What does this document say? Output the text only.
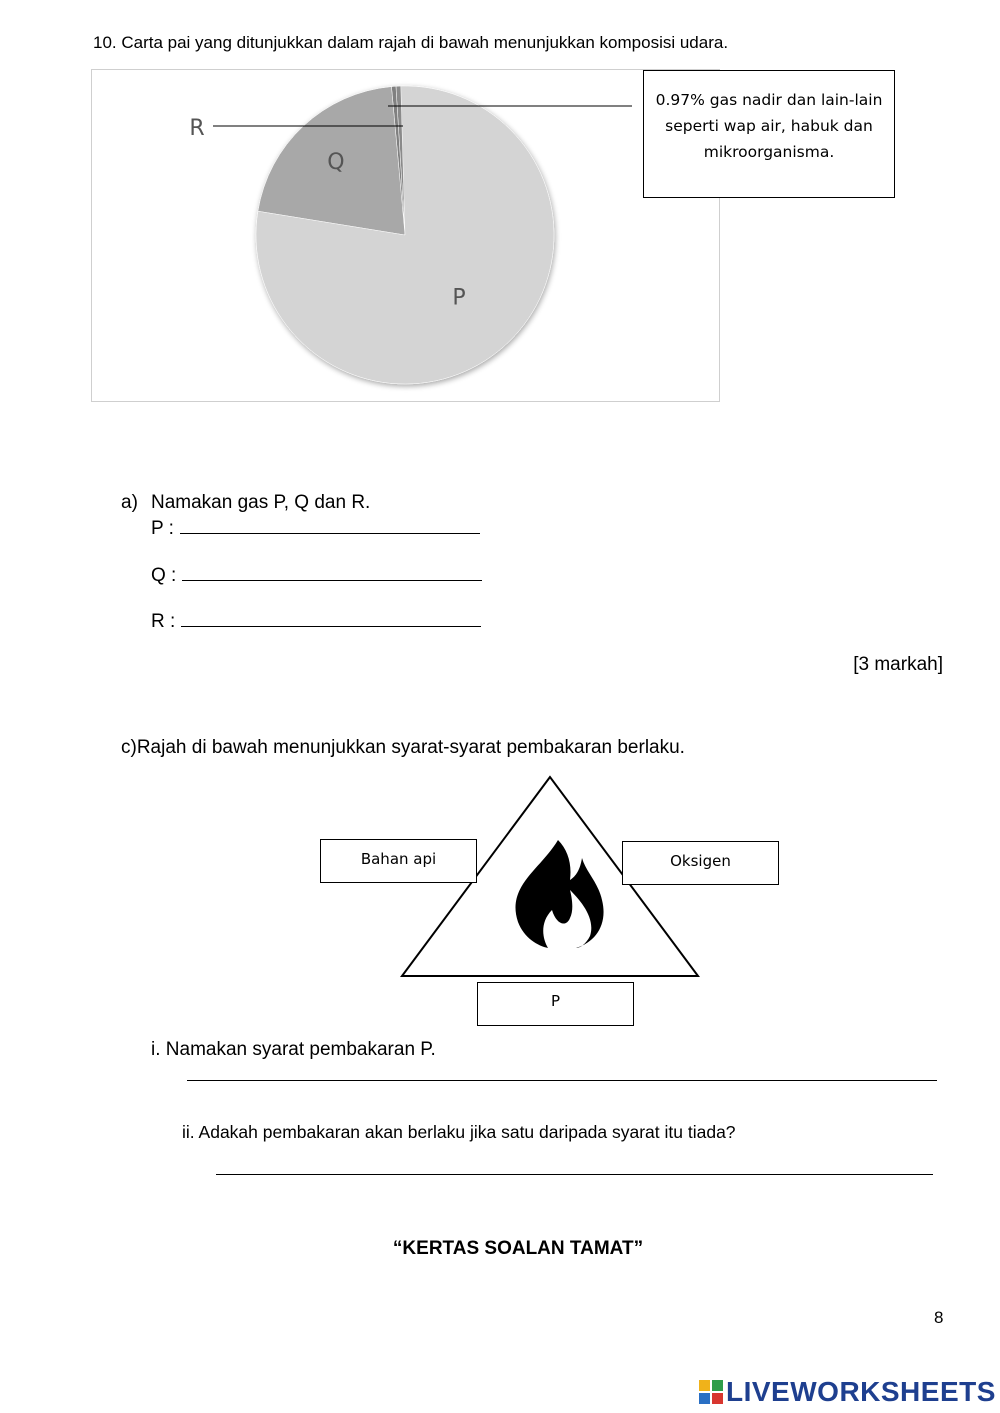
10. Carta pai yang ditunjukkan dalam rajah di bawah menunjukkan komposisi udara.
R
Q
P
0.97% gas nadir dan lain-lain seperti wap air, habuk dan mikroorganisma.
a) Namakan gas P, Q dan R.
P :
Q :
R :
[3 markah]
c)Rajah di bawah menunjukkan syarat-syarat pembakaran berlaku.
Bahan api	Oksigen
P
i. Namakan syarat pembakaran P.
ii. Adakah pembakaran akan berlaku jika satu daripada syarat itu tiada?
“KERTAS SOALAN TAMAT”
8
LIVEWORKSHEETS
